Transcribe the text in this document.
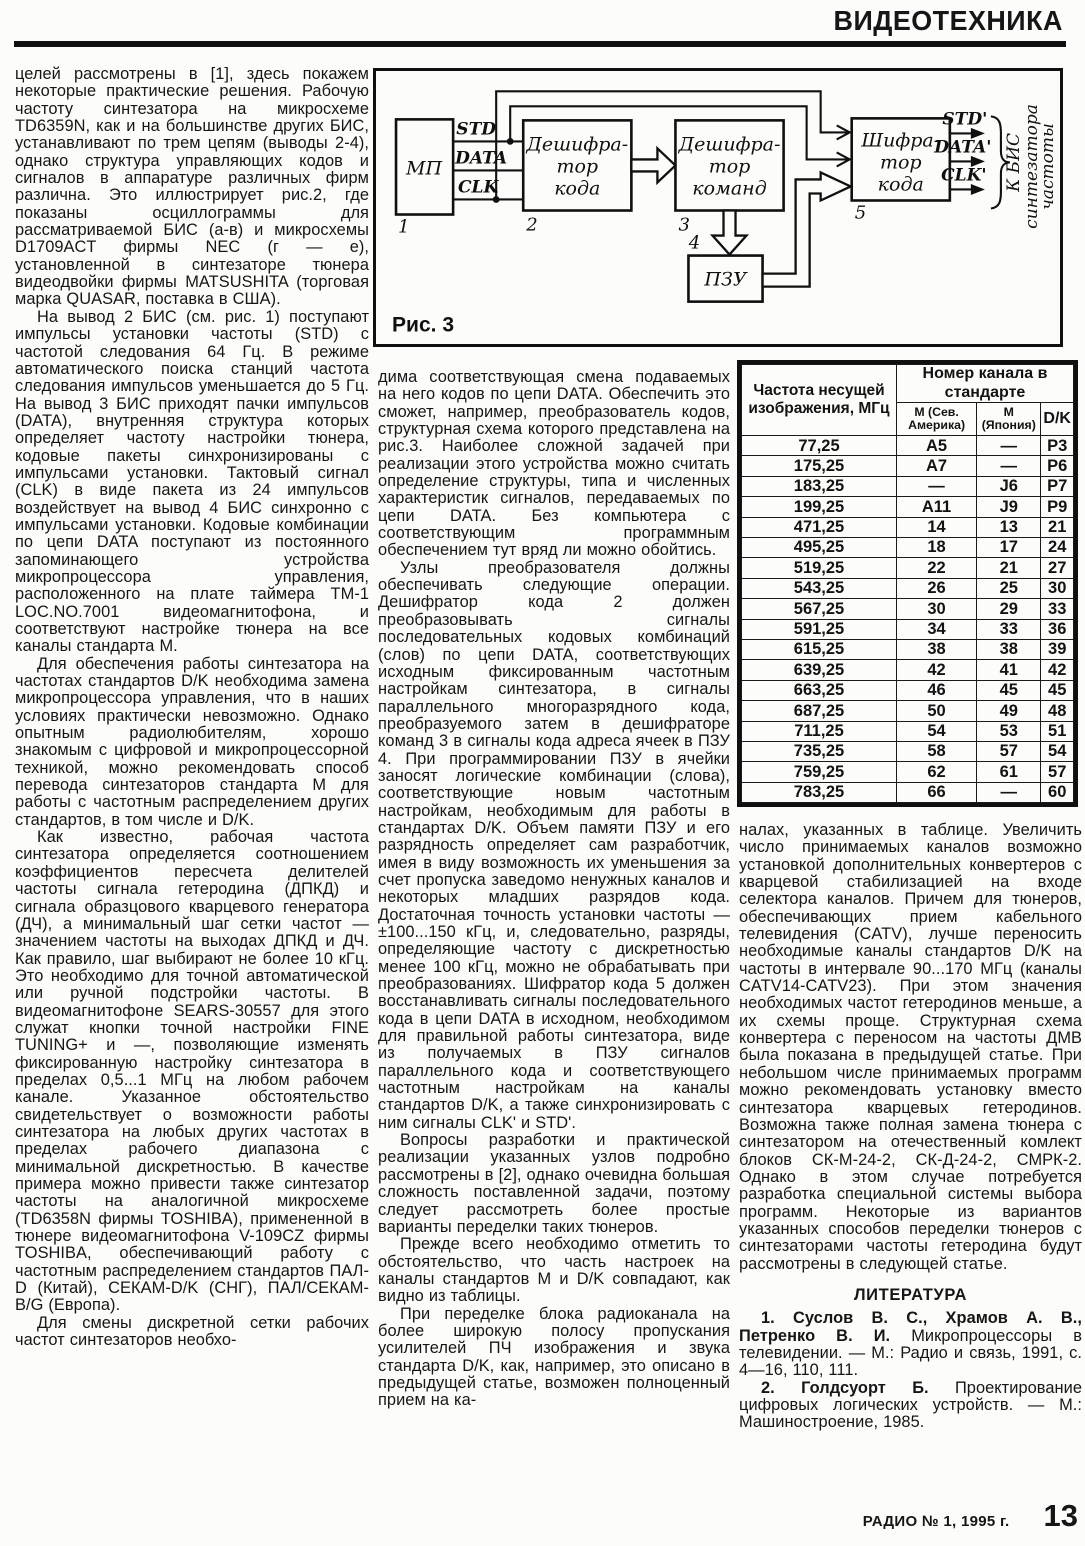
ВИДЕОТЕХНИКА

целей рассмотрены в [1], здесь покажем некоторые практические решения. Рабочую частоту синтезатора на микросхеме TD6359N, как и на большинстве других БИС, устанавливают по трем цепям (выводы 2-4), однако структура управляющих кодов и сигналов в аппаратуре различных фирм различна. Это иллюстрирует рис.2, где показаны осциллограммы для рассматриваемой БИС (а-в) и микросхемы D1709ACT фирмы NEC (г — е), установленной в синтезаторе тюнера видеодвойки фирмы MATSUSHITA (торговая марка QUASAR, поставка в США).

На вывод 2 БИС (см. рис. 1) поступают импульсы установки частоты (STD) с частотой следования 64 Гц. В режиме автоматического поиска станций частота следования импульсов уменьшается до 5 Гц. На вывод 3 БИС приходят пачки импульсов (DATA), внутренняя структура которых определяет частоту настройки тюнера, кодовые пакеты синхронизированы с импульсами установки. Тактовый сигнал (CLK) в виде пакета из 24 импульсов воздействует на вывод 4 БИС синхронно с импульсами установки. Кодовые комбинации по цепи DATA поступают из постоянного запоминающего устройства микропроцессора управления, расположенного на плате таймера ТМ-1 LOC.NO.7001 видеомагнитофона, и соответствуют настройке тюнера на все каналы стандарта М.

Для обеспечения работы синтезатора на частотах стандартов D/K необходима замена микропроцессора управления, что в наших условиях практически невозможно. Однако опытным радиолюбителям, хорошо знакомым с цифровой и микропроцессорной техникой, можно рекомендовать способ перевода синтезаторов стандарта М для работы с частотным распределением других стандартов, в том числе и D/K.

Как известно, рабочая частота синтезатора определяется соотношением коэффициентов пересчета делителей частоты сигнала гетеродина (ДПКД) и сигнала образцового кварцевого генератора (ДЧ), а минимальный шаг сетки частот — значением частоты на выходах ДПКД и ДЧ. Как правило, шаг выбирают не более 10 кГц. Это необходимо для точной автоматической или ручной подстройки частоты. В видеомагнитофоне SEARS-30557 для этого служат кнопки точной настройки FINE TUNING+ и —, позволяющие изменять фиксированную настройку синтезатора в пределах 0,5...1 МГц на любом рабочем канале. Указанное обстоятельство свидетельствует о возможности работы синтезатора на любых других частотах в пределах рабочего диапазона с минимальной дискретностью. В качестве примера можно привести также синтезатор частоты на аналогичной микросхеме (TD6358N фирмы TOSHIBA), примененной в тюнере видеомагнитофона V-109CZ фирмы TOSHIBA, обеспечивающий работу с частотным распределением стандартов ПАЛ-D (Китай), СЕКАМ-D/K (СНГ), ПАЛ/СЕКАМ-B/G (Европа).

Для смены дискретной сетки рабочих частот синтезаторов необхо-

STD
DATA
CLK
МП
1
Дешифра-
тор
кода
2
Дешифра-
тор
команд
3
ПЗУ
4
Шифра-
тор
кода
5
STD'
DATA'
CLK' К БИС
синтезатора
частоты
Рис. 3

дима соответствующая смена подаваемых на него кодов по цепи DATA. Обеспечить это сможет, например, преобразователь кодов, структурная схема которого представлена на рис.3. Наиболее сложной задачей при реализации этого устройства можно считать определение структуры, типа и численных характеристик сигналов, передаваемых по цепи DATA. Без компьютера с соответствующим программным обеспечением тут вряд ли можно обойтись.

Узлы преобразователя должны обеспечивать следующие операции. Дешифратор кода 2 должен преобразовывать сигналы последовательных кодовых комбинаций (слов) по цепи DATA, соответствующих исходным фиксированным частотным настройкам синтезатора, в сигналы параллельного многоразрядного кода, преобразуемого затем в дешифраторе команд 3 в сигналы кода адреса ячеек в ПЗУ 4. При программировании ПЗУ в ячейки заносят логические комбинации (слова), соответствующие новым частотным настройкам, необходимым для работы в стандартах D/K. Объем памяти ПЗУ и его разрядность определяет сам разработчик, имея в виду возможность их уменьшения за счет пропуска заведомо ненужных каналов и некоторых младших разрядов кода. Достаточная точность установки частоты — ±100...150 кГц, и, следовательно, разряды, определяющие частоту с дискретностью менее 100 кГц, можно не обрабатывать при преобразованиях. Шифратор кода 5 должен восстанавливать сигналы последовательного кода в цепи DATA в исходном, необходимом для правильной работы синтезатора, виде из получаемых в ПЗУ сигналов параллельного кода и соответствующего частотным настройкам на каналы стандартов D/K, а также синхронизировать с ним сигналы CLK' и STD'.

Вопросы разработки и практической реализации указанных узлов подробно рассмотрены в [2], однако очевидна большая сложность поставленной задачи, поэтому следует рассмотреть более простые варианты переделки таких тюнеров.

Прежде всего необходимо отметить то обстоятельство, что часть настроек на каналы стандартов М и D/K совпадают, как видно из таблицы.

При переделке блока радиоканала на более широкую полосу пропускания усилителей ПЧ изображения и звука стандарта D/K, как, например, это описано в предыдущей статье, возможен полноценный прием на ка-

Частота несущей изображения, МГц	Номер канала в стандарте		
	М (Сев. Америка)	М (Япония)	D/K
77,25	А5	—	Р3
175,25	А7	—	Р6
183,25	—	J6	Р7
199,25	А11	J9	Р9
471,25	14	13	21
495,25	18	17	24
519,25	22	21	27
543,25	26	25	30
567,25	30	29	33
591,25	34	33	36
615,25	38	38	39
639,25	42	41	42
663,25	46	45	45
687,25	50	49	48
711,25	54	53	51
735,25	58	57	54
759,25	62	61	57
783,25	66	—	60

налах, указанных в таблице. Увеличить число принимаемых каналов возможно установкой дополнительных конвертеров с кварцевой стабилизацией на входе селектора каналов. Причем для тюнеров, обеспечивающих прием кабельного телевидения (CATV), лучше переносить необходимые каналы стандартов D/K на частоты в интервале 90...170 МГц (каналы CATV14-CATV23). При этом значения необходимых частот гетеродинов меньше, а их схемы проще. Структурная схема конвертера с переносом на частоты ДМВ была показана в предыдущей статье. При небольшом числе принимаемых программ можно рекомендовать установку вместо синтезатора кварцевых гетеродинов. Возможна также полная замена тюнера с синтезатором на отечественный комлект блоков СК-М-24-2, СК-Д-24-2, СМРК-2. Однако в этом случае потребуется разработка специальной системы выбора программ. Некоторые из вариантов указанных способов переделки тюнеров с синтезаторами частоты гетеродина будут рассмотрены в следующей статье.

ЛИТЕРАТУРА

1. Суслов В. С., Храмов А. В., Петренко В. И. Микропроцессоры в телевидении. — М.: Радио и связь, 1991, с. 4—16, 110, 111.

2. Голдсуорт Б. Проектирование цифровых логических устройств. — М.: Машиностроение, 1985.

РАДИО № 1, 1995 г. 13
